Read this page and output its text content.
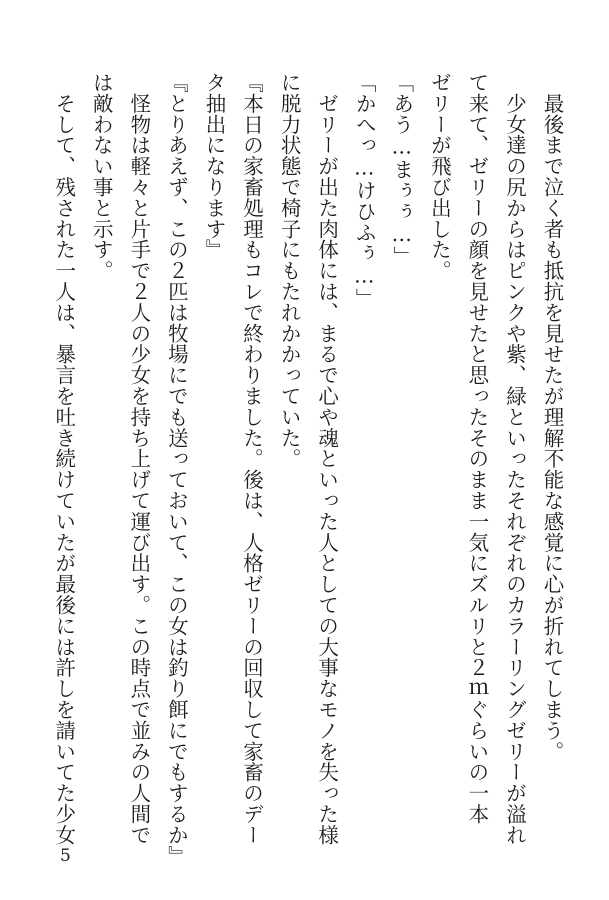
　最後まで泣く者も抵抗を見せたが理解不能な感覚に心が折れてしまう。
　少女達の尻からはピンクや紫、緑といったそれぞれのカラーリングゼリーが溢れ
て来て、ゼリーの顔を見せたと思ったそのまま一気にズルリと２ｍぐらいの一本
ゼリーが飛び出した。
「あう…まぅぅ…」
「かへっ…けひふぅ…」
　ゼリーが出た肉体には、まるで心や魂といった人としての大事なモノを失った様
に脱力状態で椅子にもたれかかっていた。
『本日の家畜処理もコレで終わりました。後は、人格ゼリーの回収して家畜のデー
タ抽出になります』
『とりあえず、この２匹は牧場にでも送っておいて、この女は釣り餌にでもするか』
　怪物は軽々と片手で２人の少女を持ち上げて運び出す。この時点で並みの人間で
は敵わない事と示す。
　そして、残された一人は、暴言を吐き続けていたが最後には許しを請いてた少女
5
